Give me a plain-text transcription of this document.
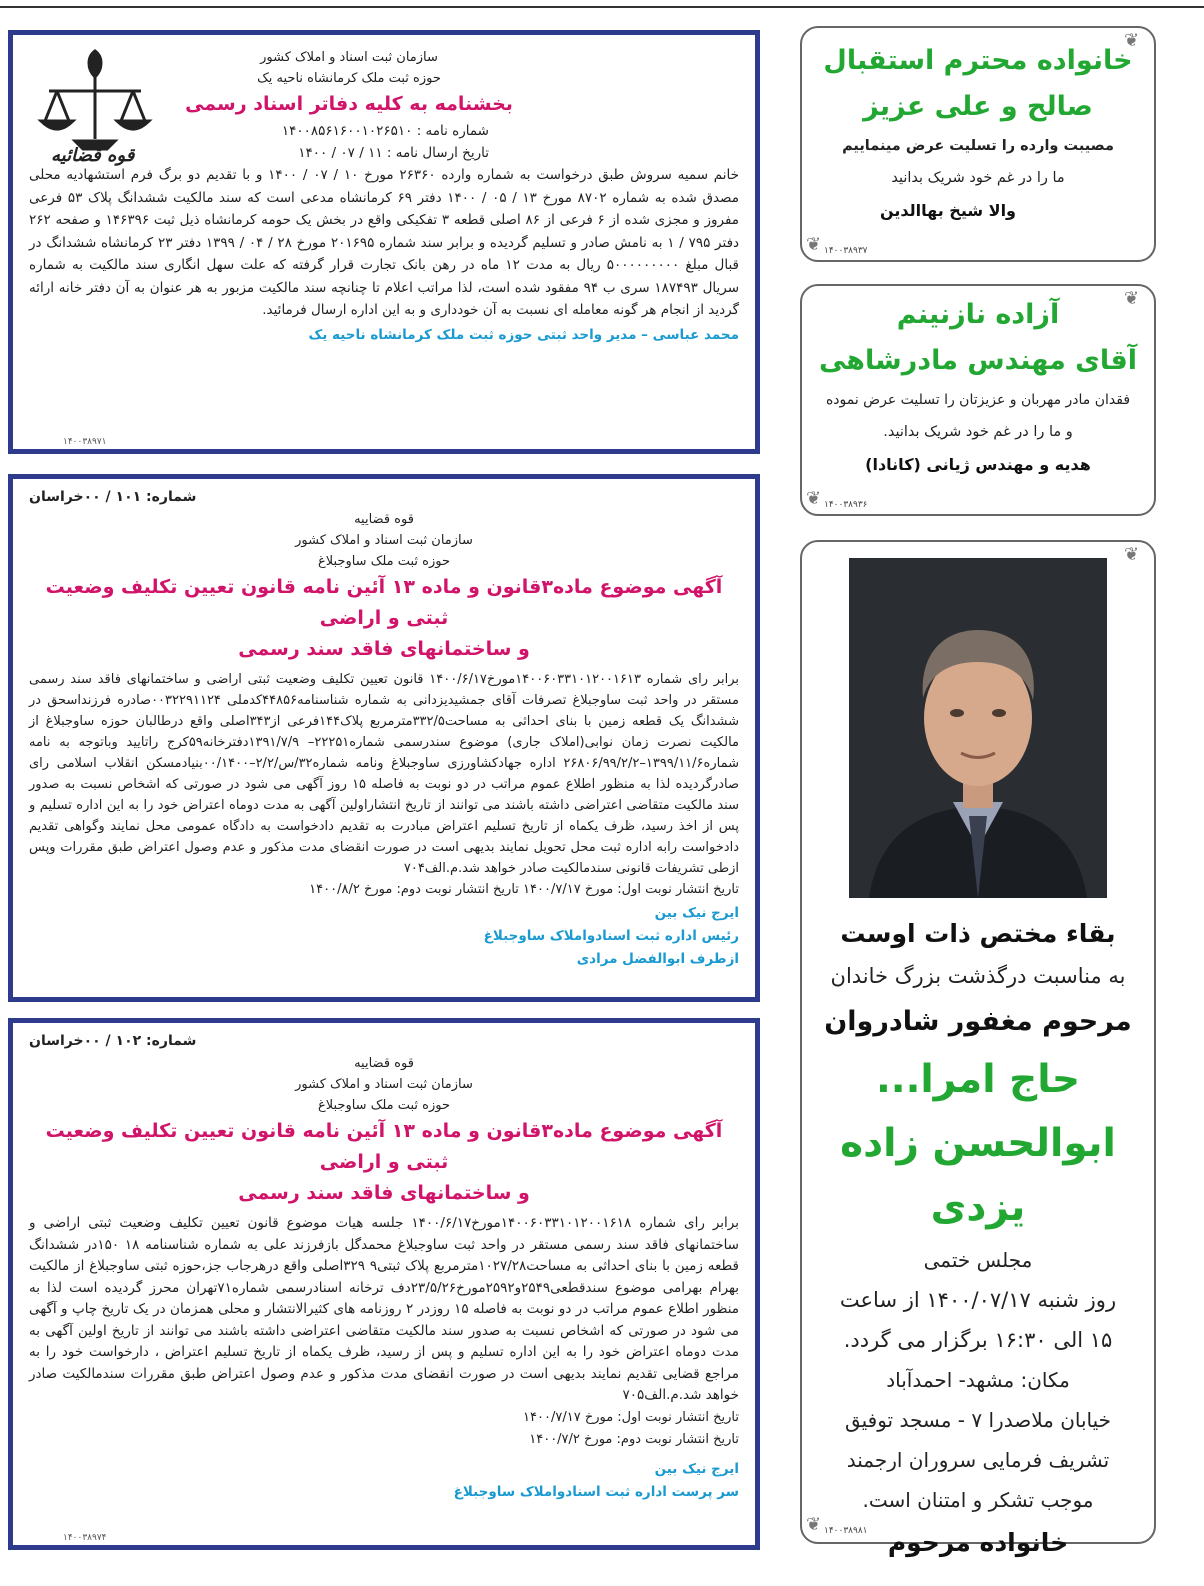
قوه قضائیه
سازمان ثبت اسناد و املاک کشور
حوزه ثبت ملک کرمانشاه ناحیه یک
بخشنامه به کلیه دفاتر اسناد رسمی
شماره نامه : ۱۴۰۰۸۵۶۱۶۰۰۱۰۲۶۵۱۰
تاریخ ارسال نامه : ۱۱ / ۰۷ / ۱۴۰۰
خانم سمیه سروش طبق درخواست به شماره وارده ۲۶۳۶۰ مورخ ۱۰ / ۰۷ / ۱۴۰۰ و با تقدیم دو برگ فرم استشهادیه محلی مصدق شده به شماره ۸۷۰۲ مورخ ۱۳ / ۰۵ / ۱۴۰۰ دفتر ۶۹ کرمانشاه مدعی است که سند مالکیت ششدانگ پلاک ۵۳ فرعی مفروز و مجزی شده از ۶ فرعی از ۸۶ اصلی قطعه ۳ تفکیکی واقع در بخش یک حومه کرمانشاه ذیل ثبت ۱۴۶۳۹۶ و صفحه ۲۶۲ دفتر ۷۹۵ / ۱ به نامش صادر و تسلیم گردیده و برابر سند شماره ۲۰۱۶۹۵ مورخ ۲۸ / ۰۴ / ۱۳۹۹ دفتر ۲۳ کرمانشاه ششدانگ در قبال مبلغ ۵۰۰۰۰۰۰۰۰۰ ریال به مدت ۱۲ ماه در رهن بانک تجارت قرار گرفته که علت سهل انگاری سند مالکیت به شماره سریال ۱۸۷۴۹۳ سری ب ۹۴ مفقود شده است، لذا مراتب اعلام تا چنانچه سند مالکیت مزبور به هر عنوان به آن دفتر خانه ارائه گردید از انجام هر گونه معامله ای نسبت به آن خودداری و به این اداره ارسال فرمائید.
محمد عباسی – مدیر واحد ثبتی حوزه ثبت ملک کرمانشاه ناحیه یک
۱۴۰۰۳۸۹۷۱
شماره: ۱۰۱ / ۰۰خراسان
قوه قضاییه
سازمان ثبت اسناد و املاک کشور
حوزه ثبت ملک ساوجبلاغ
آگهی موضوع ماده۳قانون و ماده ۱۳ آئین نامه قانون تعیین تکلیف وضعیت ثبتی و اراضی
و ساختمانهای فاقد سند رسمی
برابر رای شماره ۱۴۰۰۶۰۳۳۱۰۱۲۰۰۱۶۱۳مورخ۱۴۰۰/۶/۱۷ قانون تعیین تکلیف وضعیت ثبتی اراضی و ساختمانهای فاقد سند رسمی مستقر در واحد ثبت ساوجبلاغ تصرفات آقای جمشیدیزدانی به شماره شناسنامه۴۴۸۵۶کدملی ۰۰۳۲۲۹۱۱۲۴صادره فرزنداسحق در ششدانگ یک قطعه زمین با بنای احداثی به مساحت۳۳۲/۵مترمربع پلاک۱۴۴فرعی از۳۴۳اصلی واقع درطالبان حوزه ساوجبلاغ از مالکیت نصرت زمان نوابی(املاک جاری) موضوع سندرسمی شماره۲۲۲۵۱– ۱۳۹۱/۷/۹دفترخانه۵۹کرج راتایید وباتوجه به نامه شماره۱۳۹۹/۱۱/۶–۲۶۸۰۶/۹۹/۲/۲ اداره جهادکشاورزی ساوجبلاغ ونامه شماره۳۲/س/۲/۲–۰۰/۱۴۰۰بنیادمسکن انقلاب اسلامی رای صادرگردیده لذا به منظور اطلاع عموم مراتب در دو نوبت به فاصله ۱۵ روز آگهی می شود در صورتی که اشخاص نسبت به صدور سند مالکیت متقاضی اعتراضی داشته باشند می توانند از تاریخ انتشاراولین آگهی به مدت دوماه اعتراض خود را به این اداره تسلیم و پس از اخذ رسید، ظرف یکماه از تاریخ تسلیم اعتراض مبادرت به تقدیم دادخواست به دادگاه عمومی محل نمایند وگواهی تقدیم دادخواست رابه اداره ثبت محل تحویل نمایند بدیهی است در صورت انقضای مدت مذکور و عدم وصول اعتراض طبق مقررات وپس ازطی تشریفات قانونی سندمالکیت صادر خواهد شد.م.الف۷۰۴
تاریخ انتشار نوبت اول: مورخ ۱۴۰۰/۷/۱۷ تاریخ انتشار نوبت دوم: مورخ ۱۴۰۰/۸/۲
ایرج نیک بین
رئیس اداره ثبت اسنادواملاک ساوجبلاغ
ازطرف ابوالفضل مرادی
شماره: ۱۰۲ / ۰۰خراسان
قوه قضاییه
سازمان ثبت اسناد و املاک کشور
حوزه ثبت ملک ساوجبلاغ
آگهی موضوع ماده۳قانون و ماده ۱۳ آئین نامه قانون تعیین تکلیف وضعیت ثبتی و اراضی
و ساختمانهای فاقد سند رسمی
برابر رای شماره ۱۴۰۰۶۰۳۳۱۰۱۲۰۰۱۶۱۸مورخ۱۴۰۰/۶/۱۷ جلسه هیات موضوع قانون تعیین تکلیف وضعیت ثبتی اراضی و ساختمانهای فاقد سند رسمی مستقر در واحد ثبت ساوجبلاغ محمدگل بازفرزند علی به شماره شناسنامه ۱۸ ۱۵۰در ششدانگ قطعه زمین با بنای احداثی به مساحت۱۰۲۷/۲۸مترمربع پلاک ثبتی۹ ۳۲۹اصلی واقع درهرجاب جز،حوزه ثبتی ساوجبلاغ از مالکیت بهرام بهرامی موضوع سندقطعی۲۵۴۹و۲۵۹۲مورخ۲۳/۵/۲۶دف ترخانه اسنادرسمی شماره۷۱تهران محرز گردیده است لذا به منظور اطلاع عموم مراتب در دو نوبت به فاصله ۱۵ روزدر ۲ روزنامه های کثیرالانتشار و محلی همزمان در یک تاریخ چاپ و آگهی می شود در صورتی که اشخاص نسبت به صدور سند مالکیت متقاضی اعتراضی داشته باشند می توانند از تاریخ اولین آگهی به مدت دوماه اعتراض خود را به این اداره تسلیم و پس از رسید، ظرف یکماه از تاریخ تسلیم اعتراض ، دارخواست خود را به مراجع قضایی تقدیم نمایند بدیهی است در صورت انقضای مدت مذکور و عدم وصول اعتراض طبق مقررات سندمالکیت صادر خواهد شد.م.الف۷۰۵
تاریخ انتشار نوبت اول: مورخ ۱۴۰۰/۷/۱۷
تاریخ انتشار نوبت دوم: مورخ ۱۴۰۰/۷/۲
ایرج نیک بین
سر پرست اداره ثبت اسنادواملاک ساوجبلاغ
۱۴۰۰۳۸۹۷۴
❦
خانواده محترم استقبال
صالح و علی عزیز
مصیبت وارده را تسلیت عرض مینماییم
ما را در غم خود شریک بدانید
والا شیخ بهاالدین
❦ ۱۴۰۰۳۸۹۳۷
❦
آزاده نازنینم
آقای مهندس مادرشاهی
فقدان مادر مهربان و عزیزتان را تسلیت عرض نموده
و ما را در غم خود شریک بدانید.
هدیه و مهندس ژیانی (کانادا)
❦ ۱۴۰۰۳۸۹۳۶
❦
بقاء مختص ذات اوست
به مناسبت درگذشت بزرگ خاندان
مرحوم مغفور شادروان
حاج امرا...
ابوالحسن زاده یزدی
مجلس ختمی
روز شنبه ۱۴۰۰/۰۷/۱۷ از ساعت
۱۵ الی ۱۶:۳۰ برگزار می گردد.
مکان: مشهد- احمدآباد
خیابان ملاصدرا ۷ - مسجد توفیق
تشریف فرمایی سروران ارجمند
موجب تشکر و امتنان است.
خانواده مرحوم
❦ ۱۴۰۰۳۸۹۸۱
